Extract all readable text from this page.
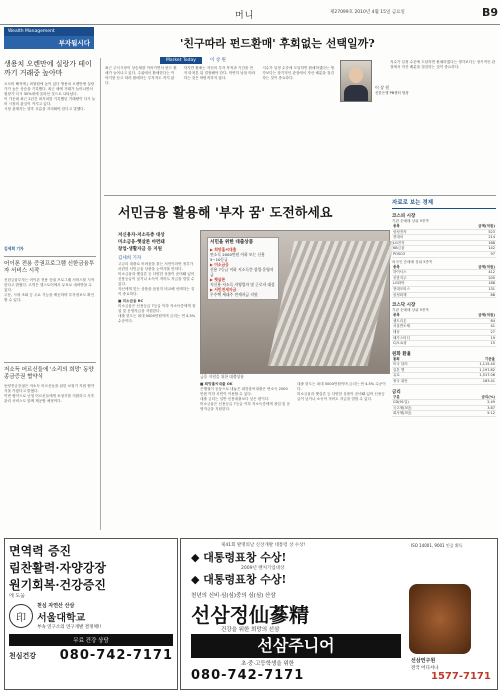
머니	제27099호 2010년 4월 15일 금요일	B9
Wealth Management
부자됩시다
생용치 오렌만에 실랑가 테이까기 거래중 높아마

오르비 해석에 | 최형원에 높이 있다 생용치 오렌만에 실랑가가 높은 상승을 기록했다. 최근 매에 거래가 늘어나면서 원장가 다시 30%대에 올라선 것으로 나타났다.

이 가운데 최근 2년간 최저치를 기록했던 거래량이 다시 늘어 시장의 관심이 커지고 있다.

시장 관계자는 향후 흐름을 지켜봐야 한다고 말했다.

김세희 기자
어이폰 전용 증권프로그램 신한금융투자 서비스 시작

신한금융투자는 어이폰 전용 증권 프로그램 서비스를 시작한다고 밝혔다. 고객은 앱스토어에서 무료로 내려받을 수 있다.

주문, 시세 조회 등 주요 기능을 제공하며 투자정보도 확인할 수 있다.

저소득 어르신들에 '소리의 희망' 동양종금증권 협약식

동양종금증권은 저소득 어르신들을 위한 보청기 지원 협약식을 가졌다고 밝혔다.

이번 협약으로 난청 어르신들에게 보청기를 지원하고 사후 관리 서비스도 함께 제공할 예정이다.

'친구따라 펀드환매' 후회없는 선택일까?
Market Today	이 상 원

최근 주식시장이 상승세를 이어가면서 펀드 환매가 늘어나고 있다. 주위에서 환매한다는 이야기를 듣고 따라 환매하는 투자자도 적지 않다.

하지만 환매는 자신의 투자 목적과 기간을 먼저 따져본 뒤 결정해야 한다. 막연히 남을 따라 하는 것은 바람직하지 않다.

지수가 일정 수준에 도달하면 환매하겠다는 생각보다는 장기적인 관점에서 자산 배분을 점검하는 것이 중요하다.

이 상 원
신한은행 PB센터 팀장

지수가 일정 수준에 도달하면 환매하겠다는 생각보다는 장기적인 관점에서 자산 배분을 점검하는 것이 중요하다.

서민금융 활용해 '부자 꿈' 도전하세요
저신용자·저소득층 대상
미소금융·햇살론 마련돼
창업·생활자금 등 지원
김세희 기자

고금리 대출로 어려움을 겪는 서민이라면 정부가 마련한 서민금융 상품을 눈여겨볼 만하다.

미소금융과 햇살론 등 다양한 상품이 준비돼 있어 신용등급이 낮거나 소득이 적어도 자금을 빌릴 수 있다.

자신에게 맞는 상품을 꼼꼼히 비교해 선택하는 것이 중요하다.

■ 미소금융 RC

미소금융은 신용등급 7등급 이하 저소득층에게 창업 및 운영자금을 지원한다.

대출 한도는 최대 5000만원이며 금리는 연 4.5% 수준이다.

서민을 위한 대출상품
▶ 희망홀씨대출
연소득 2000만원 이하 또는 신용 5~10등급
▶ 미소금융
신용 7등급 이하 저소득층 창업·운영자금
▶ 햇살론
저신용·저소득 자영업자 및 근로자 대상
▶ 서민전세자금
무주택 세대주 전세자금 지원
금융 지원을 위한 대출상품

■ 희망홀씨대출 OK

은행권이 공동으로 내놓은 희망홀씨대출은 연소득 2000만원 이하 서민이 이용할 수 있다.

대출 금리는 일반 신용대출보다 낮은 편이다.

미소금융은 신용등급 7등급 이하 저소득층에게 창업 및 운영자금을 지원한다.

대출 한도는 최대 5000만원이며 금리는 연 4.5% 수준이다.

미소금융과 햇살론 등 다양한 상품이 준비돼 있어 신용등급이 낮거나 소득이 적어도 자금을 빌릴 수 있다.

자료로 보는 경제
코스피 시장
기관 순매매 상위 5종목
종목	금액(억원)
삼성전자	523
현대차	214
LG전자	168
KB금융	142
POSCO	97
외국인 순매매 상위 5종목
종목	금액(억원)
하이닉스	412
신한지주	205
LG화학	188
현대모비스	131
삼성화재	88
코스닥 시장
기관 순매매 상위 5종목
종목	금액(억원)
셀트리온	64
서울반도체	41
태웅	27
메가스터디	19
CJ오쇼핑	15
원화 환율
통화	기준율
미국 달러	1,115.40
일본 엔	1,197.82
유로	1,517.06
중국 위안	163.41
금리
구분	금리(%)
CD(91일)	2.49
국고채(3년)	3.87
회사채(3년)	5.12
면역력 증진
림찬활력·자양강장
원기회복·건강증진
에 도움
印
천심 자연산 산삼
서울대학교
부속 연구소의 연구개발 결정체!!
무료 건강 상담
천심건강 080-742-7171
제41회 발명의날 신상개발 대통령 상 수상!
◆ 대통령표창 수상!
2009년 벤처기업대상
◆ 대통령표창 수상!
ISO 14001, 9001 인증 획득
천년의 신비·심(심)중의 심(심) 산삼
선삼정仙蔘精
건강을 위한 희망의 선삼
선삼주니어
초·중·고등학생을 위한
080-742-7171
선삼연구원
전국 어디서나
1577-7171
